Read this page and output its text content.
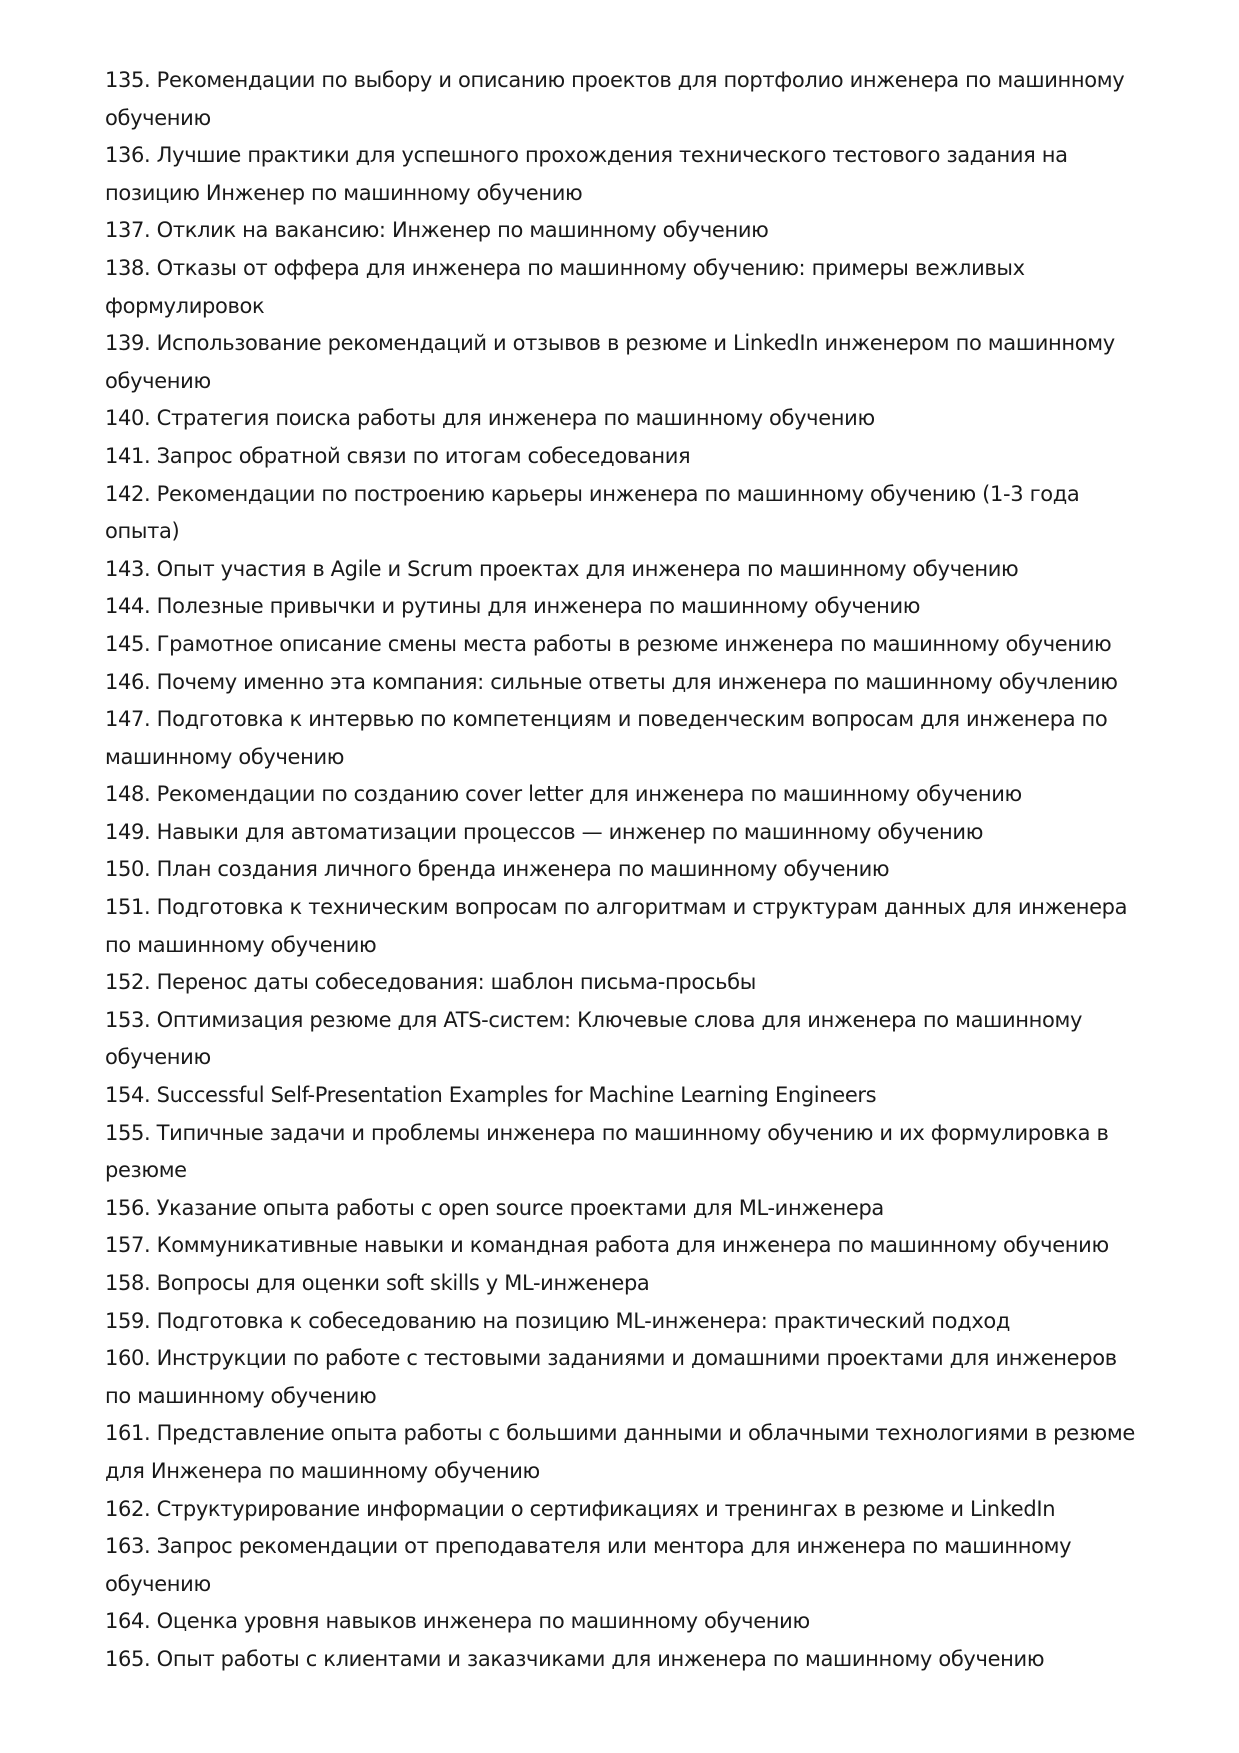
135. Рекомендации по выбору и описанию проектов для портфолио инженера по машинному обучению
136. Лучшие практики для успешного прохождения технического тестового задания на позицию Инженер по машинному обучению
137. Отклик на вакансию: Инженер по машинному обучению
138. Отказы от оффера для инженера по машинному обучению: примеры вежливых формулировок
139. Использование рекомендаций и отзывов в резюме и LinkedIn инженером по машинному обучению
140. Стратегия поиска работы для инженера по машинному обучению
141. Запрос обратной связи по итогам собеседования
142. Рекомендации по построению карьеры инженера по машинному обучению (1-3 года опыта)
143. Опыт участия в Agile и Scrum проектах для инженера по машинному обучению
144. Полезные привычки и рутины для инженера по машинному обучению
145. Грамотное описание смены места работы в резюме инженера по машинному обучению
146. Почему именно эта компания: сильные ответы для инженера по машинному обучлению
147. Подготовка к интервью по компетенциям и поведенческим вопросам для инженера по машинному обучению
148. Рекомендации по созданию cover letter для инженера по машинному обучению
149. Навыки для автоматизации процессов — инженер по машинному обучению
150. План создания личного бренда инженера по машинному обучению
151. Подготовка к техническим вопросам по алгоритмам и структурам данных для инженера по машинному обучению
152. Перенос даты собеседования: шаблон письма-просьбы
153. Оптимизация резюме для ATS-систем: Ключевые слова для инженера по машинному обучению
154. Successful Self-Presentation Examples for Machine Learning Engineers
155. Типичные задачи и проблемы инженера по машинному обучению и их формулировка в резюме
156. Указание опыта работы с open source проектами для ML-инженера
157. Коммуникативные навыки и командная работа для инженера по машинному обучению
158. Вопросы для оценки soft skills у ML-инженера
159. Подготовка к собеседованию на позицию ML-инженера: практический подход
160. Инструкции по работе с тестовыми заданиями и домашними проектами для инженеров по машинному обучению
161. Представление опыта работы с большими данными и облачными технологиями в резюме для Инженера по машинному обучению
162. Структурирование информации о сертификациях и тренингах в резюме и LinkedIn
163. Запрос рекомендации от преподавателя или ментора для инженера по машинному обучению
164. Оценка уровня навыков инженера по машинному обучению
165. Опыт работы с клиентами и заказчиками для инженера по машинному обучению
